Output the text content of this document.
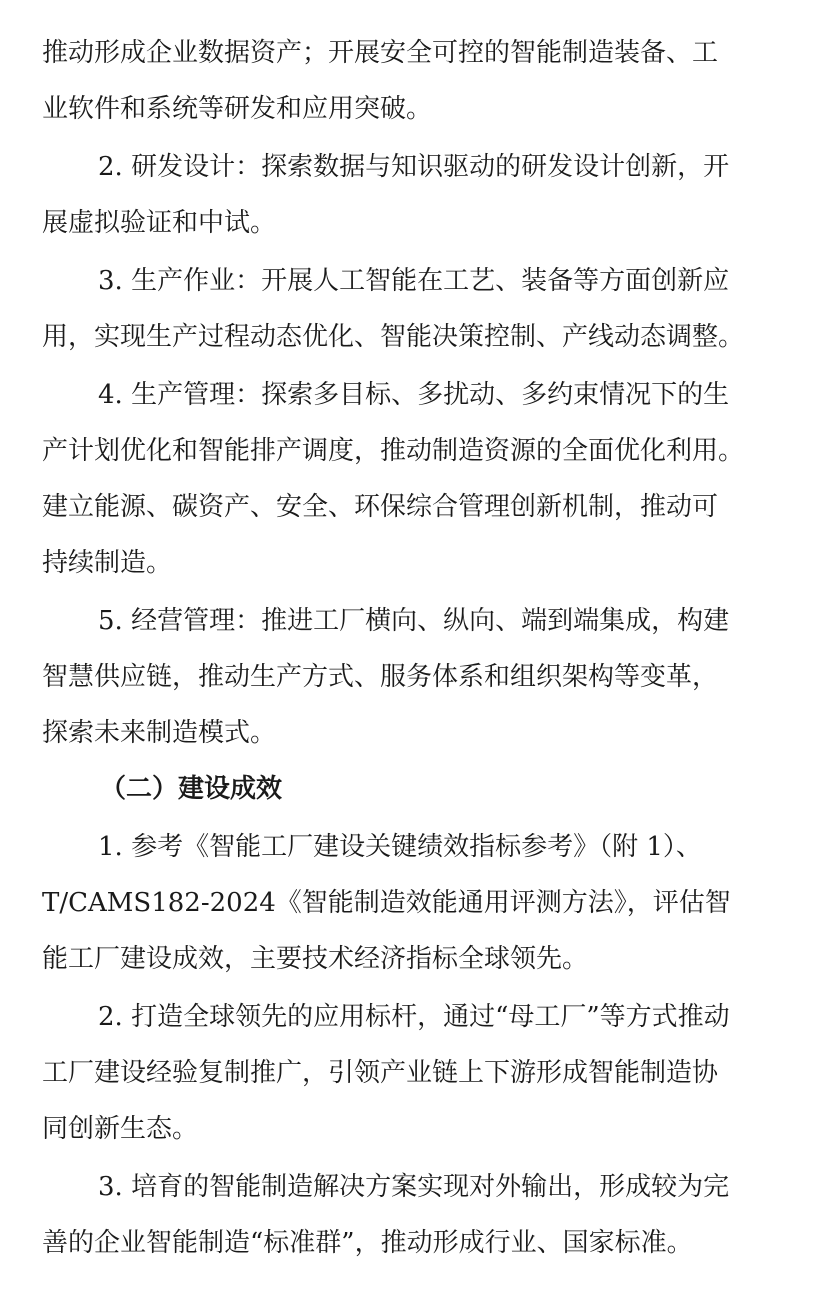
推动形成企业数据资产；开展安全可控的智能制造装备、工
业软件和系统等研发和应用突破。
2. 研发设计：探索数据与知识驱动的研发设计创新，开
展虚拟验证和中试。
3. 生产作业：开展人工智能在工艺、装备等方面创新应
用，实现生产过程动态优化、智能决策控制、产线动态调整。
4. 生产管理：探索多目标、多扰动、多约束情况下的生
产计划优化和智能排产调度，推动制造资源的全面优化利用。
建立能源、碳资产、安全、环保综合管理创新机制，推动可
持续制造。
5. 经营管理：推进工厂横向、纵向、端到端集成，构建
智慧供应链，推动生产方式、服务体系和组织架构等变革，
探索未来制造模式。
（二）建设成效
1. 参考《智能工厂建设关键绩效指标参考》（附 1）、
T/CAMS182-2024《智能制造效能通用评测方法》，评估智
能工厂建设成效，主要技术经济指标全球领先。
2. 打造全球领先的应用标杆，通过“母工厂”等方式推动
工厂建设经验复制推广，引领产业链上下游形成智能制造协
同创新生态。
3. 培育的智能制造解决方案实现对外输出，形成较为完
善的企业智能制造“标准群”，推动形成行业、国家标准。
